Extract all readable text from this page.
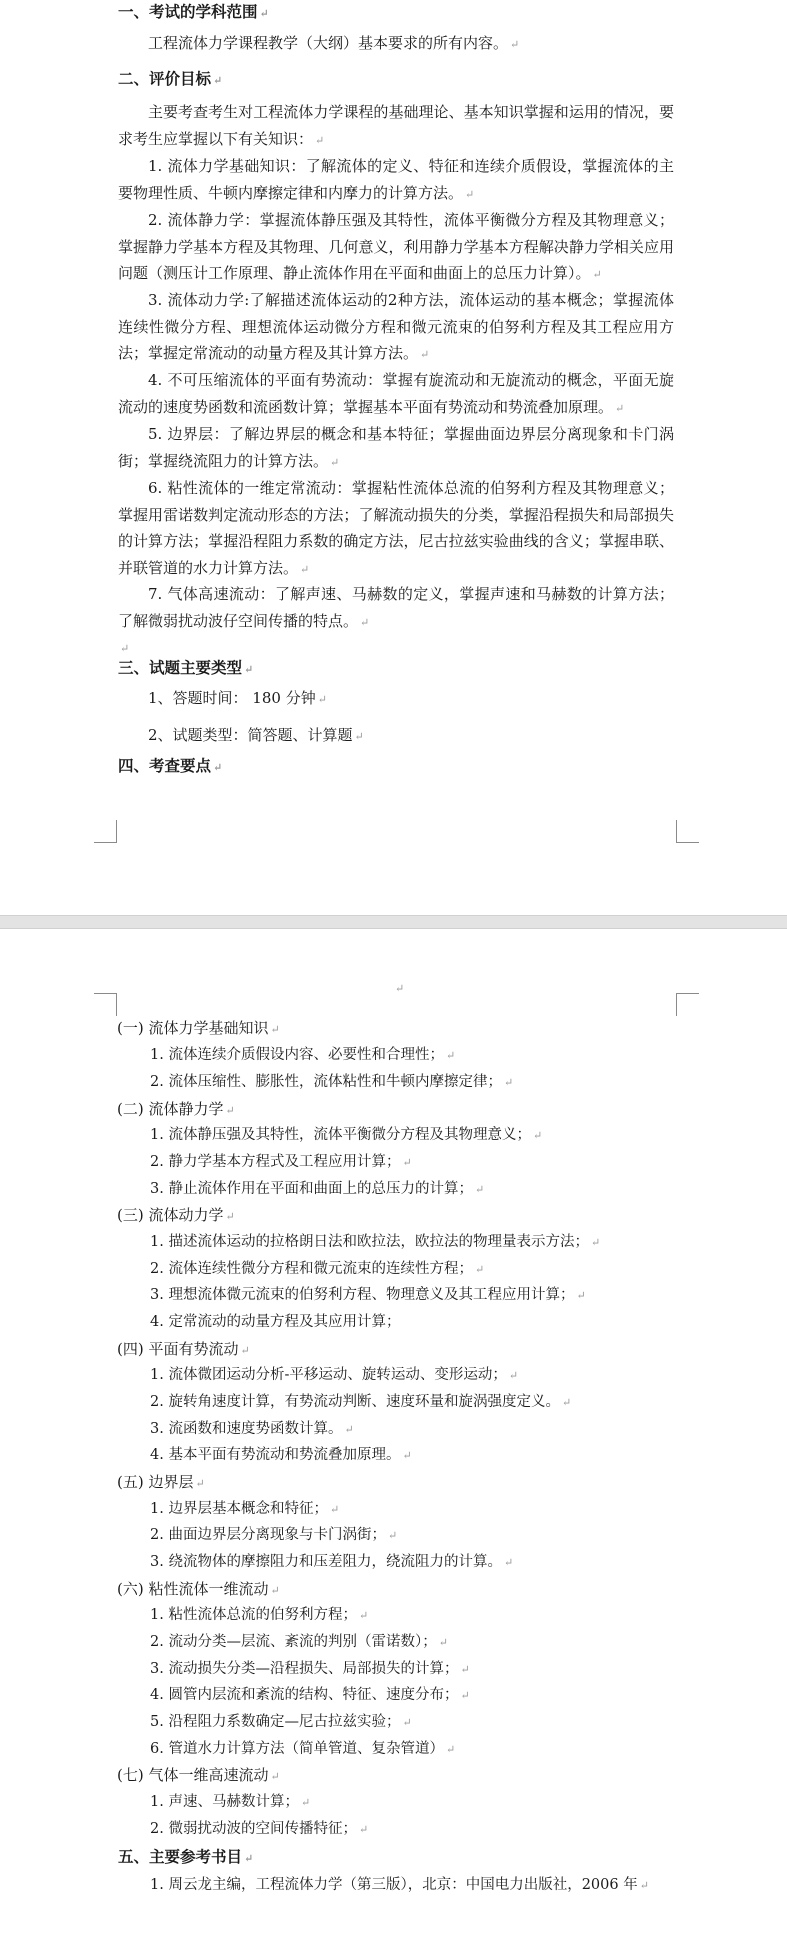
一、考试的学科范围 ↵
工程流体力学课程教学（大纲）基本要求的所有内容。 ↵
二、评价目标 ↵
主要考查考生对工程流体力学课程的基础理论、基本知识掌握和运用的情况，要求考生应掌握以下有关知识： ↵
1. 流体力学基础知识：了解流体的定义、特征和连续介质假设，掌握流体的主要物理性质、牛顿内摩擦定律和内摩力的计算方法。 ↵
2. 流体静力学：掌握流体静压强及其特性，流体平衡微分方程及其物理意义；掌握静力学基本方程及其物理、几何意义，利用静力学基本方程解决静力学相关应用问题（测压计工作原理、静止流体作用在平面和曲面上的总压力计算）。 ↵
3. 流体动力学:了解描述流体运动的2种方法，流体运动的基本概念；掌握流体连续性微分方程、理想流体运动微分方程和微元流束的伯努利方程及其工程应用方法；掌握定常流动的动量方程及其计算方法。 ↵
4. 不可压缩流体的平面有势流动：掌握有旋流动和无旋流动的概念，平面无旋流动的速度势函数和流函数计算；掌握基本平面有势流动和势流叠加原理。 ↵
5. 边界层：了解边界层的概念和基本特征；掌握曲面边界层分离现象和卡门涡街；掌握绕流阻力的计算方法。 ↵
6. 粘性流体的一维定常流动：掌握粘性流体总流的伯努利方程及其物理意义；掌握用雷诺数判定流动形态的方法；了解流动损失的分类，掌握沿程损失和局部损失的计算方法；掌握沿程阻力系数的确定方法，尼古拉兹实验曲线的含义；掌握串联、并联管道的水力计算方法。 ↵
7. 气体高速流动：了解声速、马赫数的定义，掌握声速和马赫数的计算方法；了解微弱扰动波仔空间传播的特点。 ↵
↵
三、试题主要类型 ↵
1、答题时间： 180 分钟 ↵
2、试题类型：简答题、计算题 ↵
四、考查要点 ↵
↵
(一) 流体力学基础知识 ↵
1. 流体连续介质假设内容、必要性和合理性； ↵
2. 流体压缩性、膨胀性，流体粘性和牛顿内摩擦定律； ↵
(二) 流体静力学 ↵
1. 流体静压强及其特性，流体平衡微分方程及其物理意义； ↵
2. 静力学基本方程式及工程应用计算； ↵
3. 静止流体作用在平面和曲面上的总压力的计算； ↵
(三) 流体动力学 ↵
1. 描述流体运动的拉格朗日法和欧拉法，欧拉法的物理量表示方法； ↵
2. 流体连续性微分方程和微元流束的连续性方程； ↵
3. 理想流体微元流束的伯努利方程、物理意义及其工程应用计算； ↵
4. 定常流动的动量方程及其应用计算；
(四) 平面有势流动 ↵
1. 流体微团运动分析-平移运动、旋转运动、变形运动； ↵
2. 旋转角速度计算，有势流动判断、速度环量和旋涡强度定义。 ↵
3. 流函数和速度势函数计算。 ↵
4. 基本平面有势流动和势流叠加原理。 ↵
(五) 边界层 ↵
1. 边界层基本概念和特征； ↵
2. 曲面边界层分离现象与卡门涡街； ↵
3. 绕流物体的摩擦阻力和压差阻力，绕流阻力的计算。 ↵
(六) 粘性流体一维流动 ↵
1. 粘性流体总流的伯努利方程； ↵
2. 流动分类—层流、紊流的判别（雷诺数）； ↵
3. 流动损失分类—沿程损失、局部损失的计算； ↵
4. 圆管内层流和紊流的结构、特征、速度分布； ↵
5. 沿程阻力系数确定—尼古拉兹实验； ↵
6. 管道水力计算方法（简单管道、复杂管道） ↵
(七) 气体一维高速流动 ↵
1. 声速、马赫数计算； ↵
2. 微弱扰动波的空间传播特征； ↵
五、主要参考书目 ↵
1. 周云龙主编，工程流体力学（第三版），北京：中国电力出版社，2006 年 ↵
